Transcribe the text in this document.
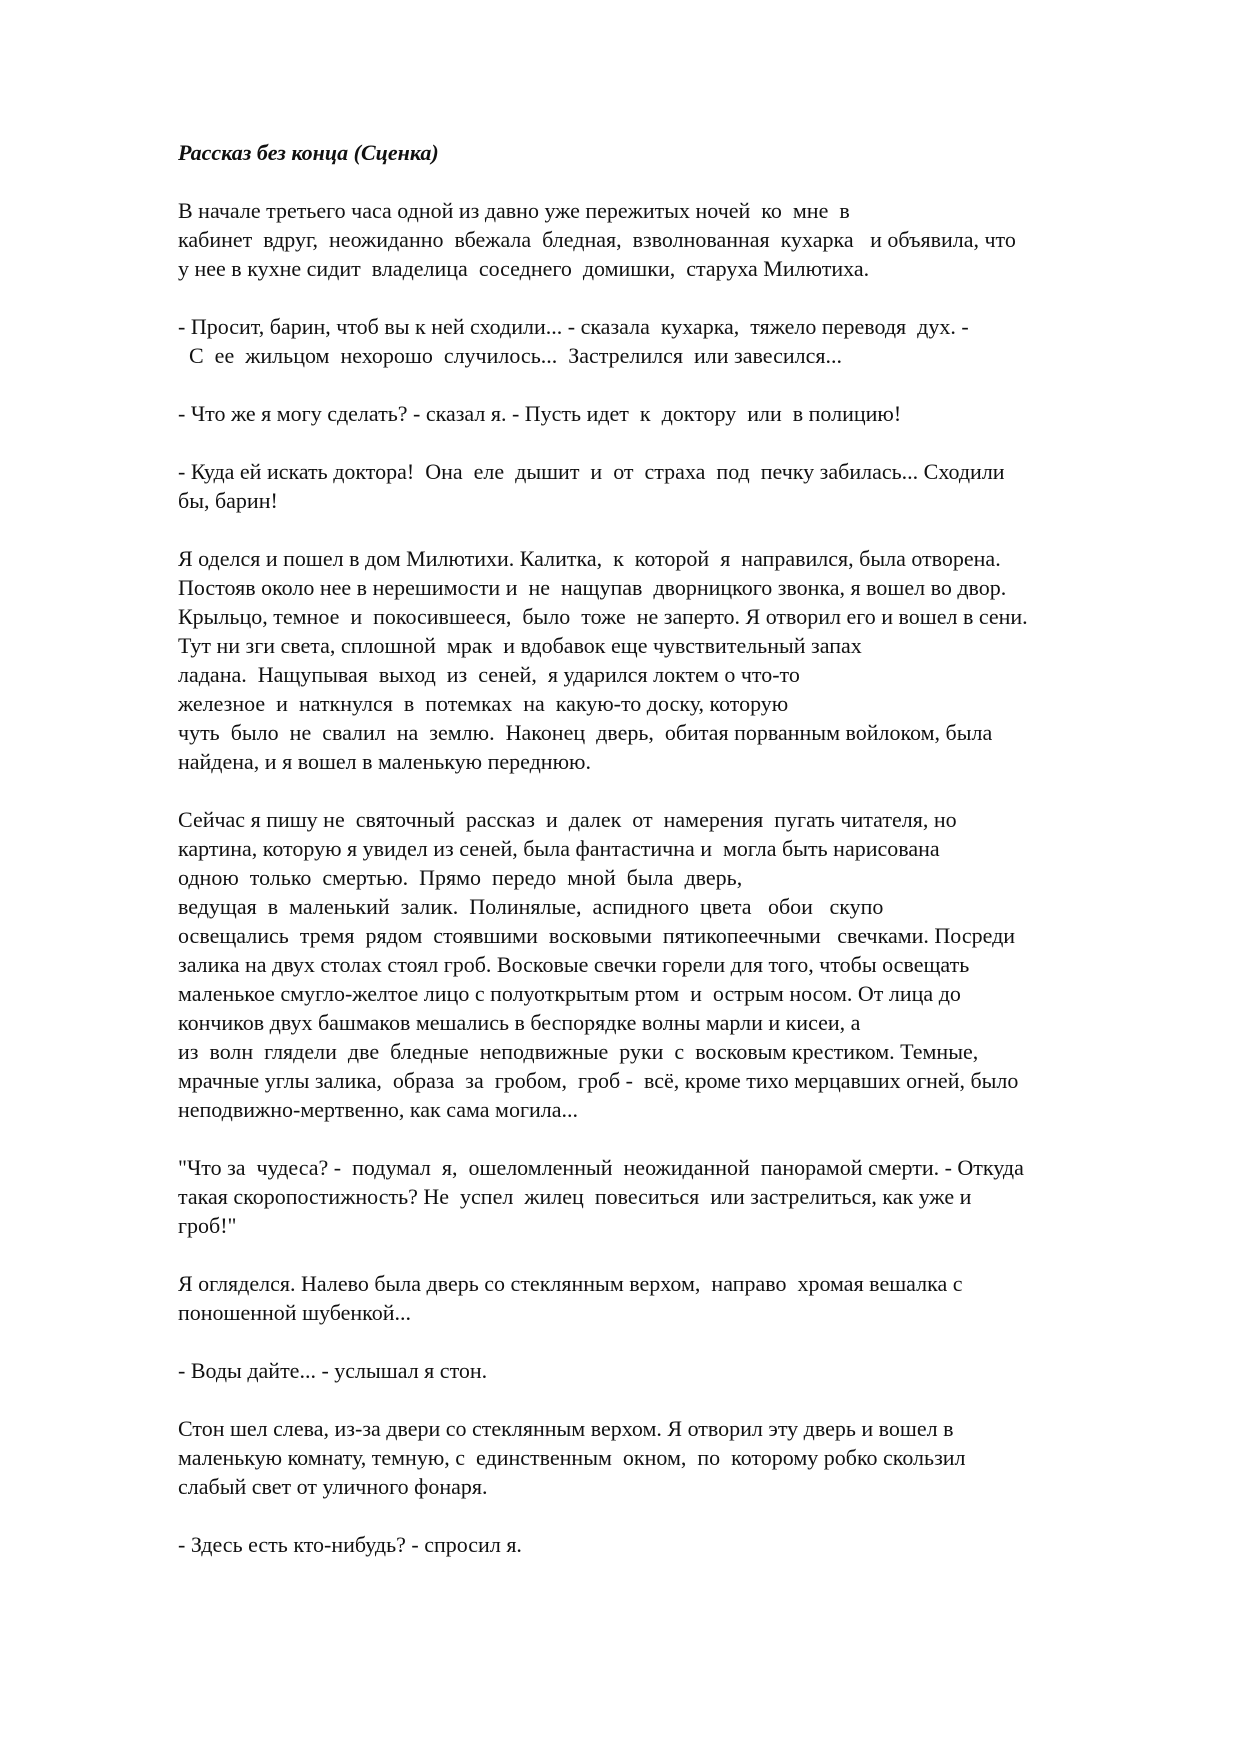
Рассказ без конца (Сценка)
В начале третьего часа одной из давно уже пережитых ночей  ко  мне  в
кабинет  вдруг,  неожиданно  вбежала  бледная,  взволнованная  кухарка   и объявила, что
у нее в кухне сидит  владелица  соседнего  домишки,  старуха Милютиха.
- Просит, барин, чтоб вы к ней сходили... - сказала  кухарка,  тяжело переводя  дух. -
С  ее  жильцом  нехорошо  случилось...  Застрелился  или завесился...
- Что же я могу сделать? - сказал я. - Пусть идет  к  доктору  или  в полицию!
- Куда ей искать доктора!  Она  еле  дышит  и  от  страха  под  печку забилась... Сходили
бы, барин!
Я оделся и пошел в дом Милютихи. Калитка,  к  которой  я  направился, была отворена.
Постояв около нее в нерешимости и  не  нащупав  дворницкого звонка, я вошел во двор.
Крыльцо, темное  и  покосившееся,  было  тоже  не заперто. Я отворил его и вошел в сени.
Тут ни зги света, сплошной  мрак  и вдобавок еще чувствительный запах
ладана.  Нащупывая  выход  из  сеней,  я ударился локтем о что-то
железное  и  наткнулся  в  потемках  на  какую-то доску, которую
чуть  было  не  свалил  на  землю.  Наконец  дверь,  обитая порванным войлоком, была
найдена, и я вошел в маленькую переднюю.
Сейчас я пишу не  святочный  рассказ  и  далек  от  намерения  пугать читателя, но
картина, которую я увидел из сеней, была фантастична и  могла быть нарисована
одною  только  смертью.  Прямо  передо  мной  была  дверь,
ведущая  в  маленький  залик.  Полинялые,  аспидного  цвета   обои   скупо
освещались  тремя  рядом  стоявшими  восковыми  пятикопеечными   свечками. Посреди
залика на двух столах стоял гроб. Восковые свечки горели для того, чтобы освещать
маленькое смугло-желтое лицо с полуоткрытым ртом  и  острым носом. От лица до
кончиков двух башмаков мешались в беспорядке волны марли и кисеи, а
из  волн  глядели  две  бледные  неподвижные  руки  с  восковым крестиком. Темные,
мрачные углы залика,  образа  за  гробом,  гроб -  всё, кроме тихо мерцавших огней, было
неподвижно-мертвенно, как сама могила...
"Что за  чудеса? -  подумал  я,  ошеломленный  неожиданной  панорамой смерти. - Откуда
такая скоропостижность? Не  успел  жилец  повеситься  или застрелиться, как уже и
гроб!"
Я огляделся. Налево была дверь со стеклянным верхом,  направо  хромая вешалка с
поношенной шубенкой...
- Воды дайте... - услышал я стон.
Стон шел слева, из-за двери со стеклянным верхом. Я отворил эту дверь и вошел в
маленькую комнату, темную, с  единственным  окном,  по  которому робко скользил
слабый свет от уличного фонаря.
- Здесь есть кто-нибудь? - спросил я.
